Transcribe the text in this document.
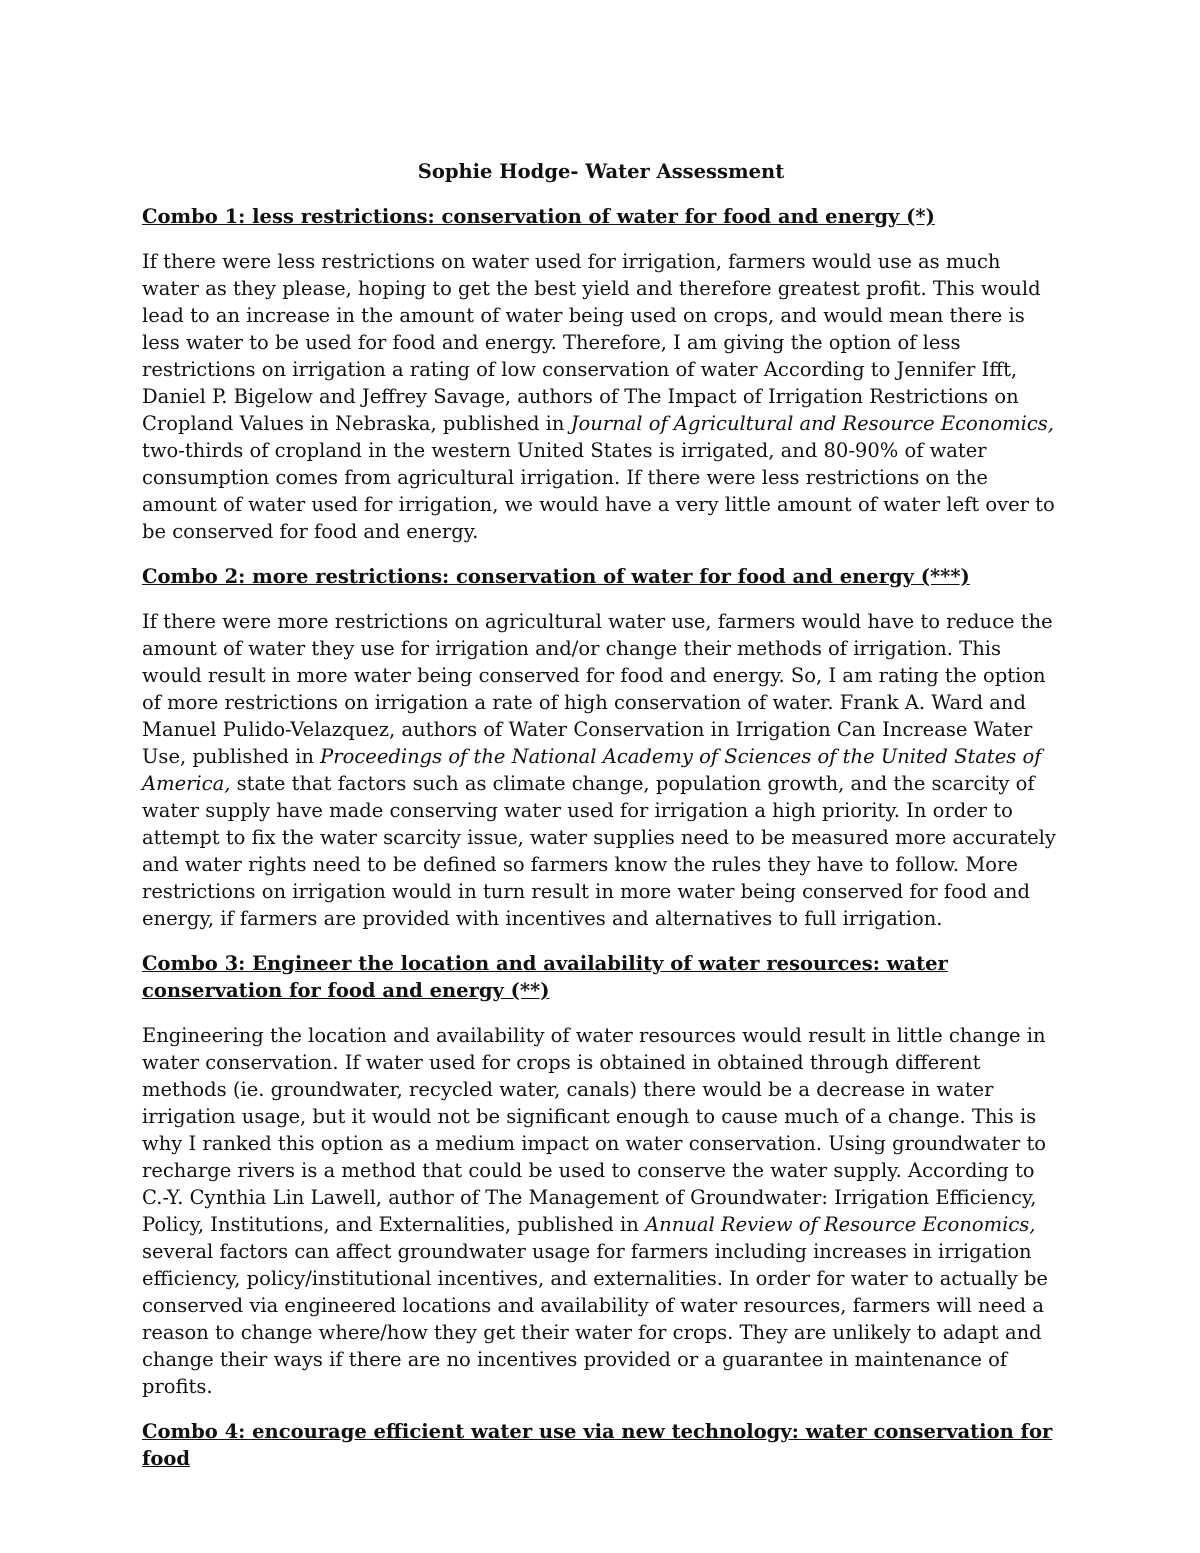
Sophie Hodge- Water Assessment
Combo 1: less restrictions: conservation of water for food and energy (*)

If there were less restrictions on water used for irrigation, farmers would use as much water as they please, hoping to get the best yield and therefore greatest profit. This would lead to an increase in the amount of water being used on crops, and would mean there is less water to be used for food and energy. Therefore, I am giving the option of less restrictions on irrigation a rating of low conservation of water According to Jennifer Ifft, Daniel P. Bigelow and Jeffrey Savage, authors of The Impact of Irrigation Restrictions on Cropland Values in Nebraska, published in Journal of Agricultural and Resource Economics, two-thirds of cropland in the western United States is irrigated, and 80-90% of water consumption comes from agricultural irrigation. If there were less restrictions on the amount of water used for irrigation, we would have a very little amount of water left over to be conserved for food and energy.

Combo 2: more restrictions: conservation of water for food and energy (***)

If there were more restrictions on agricultural water use, farmers would have to reduce the amount of water they use for irrigation and/or change their methods of irrigation. This would result in more water being conserved for food and energy. So, I am rating the option of more restrictions on irrigation a rate of high conservation of water. Frank A. Ward and Manuel Pulido-Velazquez, authors of Water Conservation in Irrigation Can Increase Water Use, published in Proceedings of the National Academy of Sciences of the United States of America, state that factors such as climate change, population growth, and the scarcity of water supply have made conserving water used for irrigation a high priority. In order to attempt to fix the water scarcity issue, water supplies need to be measured more accurately and water rights need to be defined so farmers know the rules they have to follow. More restrictions on irrigation would in turn result in more water being conserved for food and energy, if farmers are provided with incentives and alternatives to full irrigation.

Combo 3: Engineer the location and availability of water resources: water conservation for food and energy (**)

Engineering the location and availability of water resources would result in little change in water conservation. If water used for crops is obtained in obtained through different methods (ie. groundwater, recycled water, canals) there would be a decrease in water irrigation usage, but it would not be significant enough to cause much of a change. This is why I ranked this option as a medium impact on water conservation. Using groundwater to recharge rivers is a method that could be used to conserve the water supply. According to C.-Y. Cynthia Lin Lawell, author of The Management of Groundwater: Irrigation Efficiency, Policy, Institutions, and Externalities, published in Annual Review of Resource Economics, several factors can affect groundwater usage for farmers including increases in irrigation efficiency, policy/institutional incentives, and externalities. In order for water to actually be conserved via engineered locations and availability of water resources, farmers will need a reason to change where/how they get their water for crops. They are unlikely to adapt and change their ways if there are no incentives provided or a guarantee in maintenance of profits.

Combo 4: encourage efficient water use via new technology: water conservation for food
